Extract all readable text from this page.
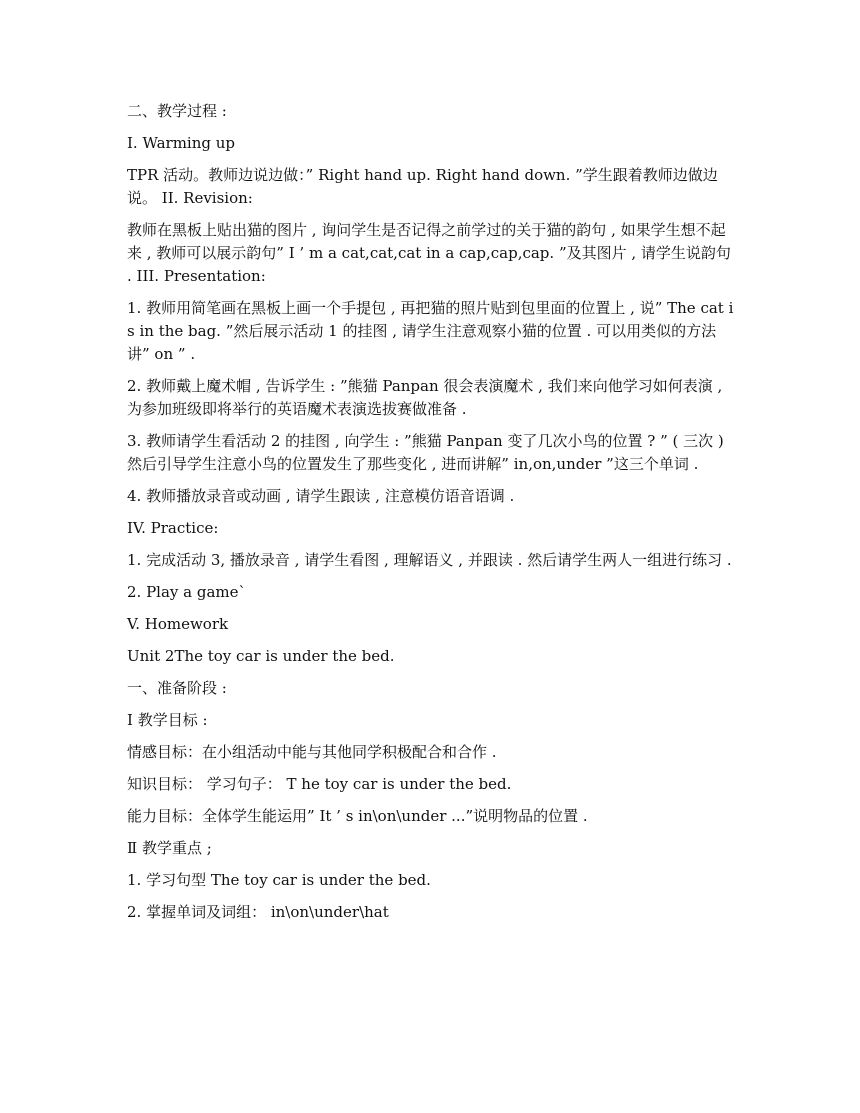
二、教学过程 :

I. Warming up

TPR 活动。教师边说边做：” Right hand up. Right hand down. ”学生跟着教师边做边说。 II. Revision:

教师在黑板上贴出猫的图片 , 询问学生是否记得之前学过的关于猫的韵句 , 如果学生想不起来 , 教师可以展示韵句” I ’ m a cat,cat,cat in a cap,cap,cap. ”及其图片 , 请学生说韵句 . III. Presentation:

1. 教师用简笔画在黑板上画一个手提包 , 再把猫的照片贴到包里面的位置上 , 说” The cat is in the bag. ”然后展示活动 1 的挂图 , 请学生注意观察小猫的位置 . 可以用类似的方法讲” on ” .

2. 教师戴上魔术帽 , 告诉学生 : ”熊猫 Panpan 很会表演魔术 , 我们来向他学习如何表演 , 为参加班级即将举行的英语魔术表演选拔赛做准备 .

3. 教师请学生看活动 2 的挂图 , 向学生 : ”熊猫 Panpan 变了几次小鸟的位置 ? ” ( 三次 ) 然后引导学生注意小鸟的位置发生了那些变化 , 进而讲解” in,on,under ”这三个单词 .

4. 教师播放录音或动画 , 请学生跟读 , 注意模仿语音语调 .

IV. Practice:

1. 完成活动 3, 播放录音 , 请学生看图 , 理解语义 , 并跟读 . 然后请学生两人一组进行练习 .

2. Play a game`

V. Homework

Unit 2The toy car is under the bed.

一、准备阶段 :

Ⅰ 教学目标 :

情感目标：在小组活动中能与其他同学积极配合和合作 .

知识目标： 学习句子： T he toy car is under the bed.

能力目标：全体学生能运用” It ’ s in\on\under ...”说明物品的位置 .

Ⅱ 教学重点 ;

1. 学习句型 The toy car is under the bed.

2. 掌握单词及词组： in\on\under\hat
